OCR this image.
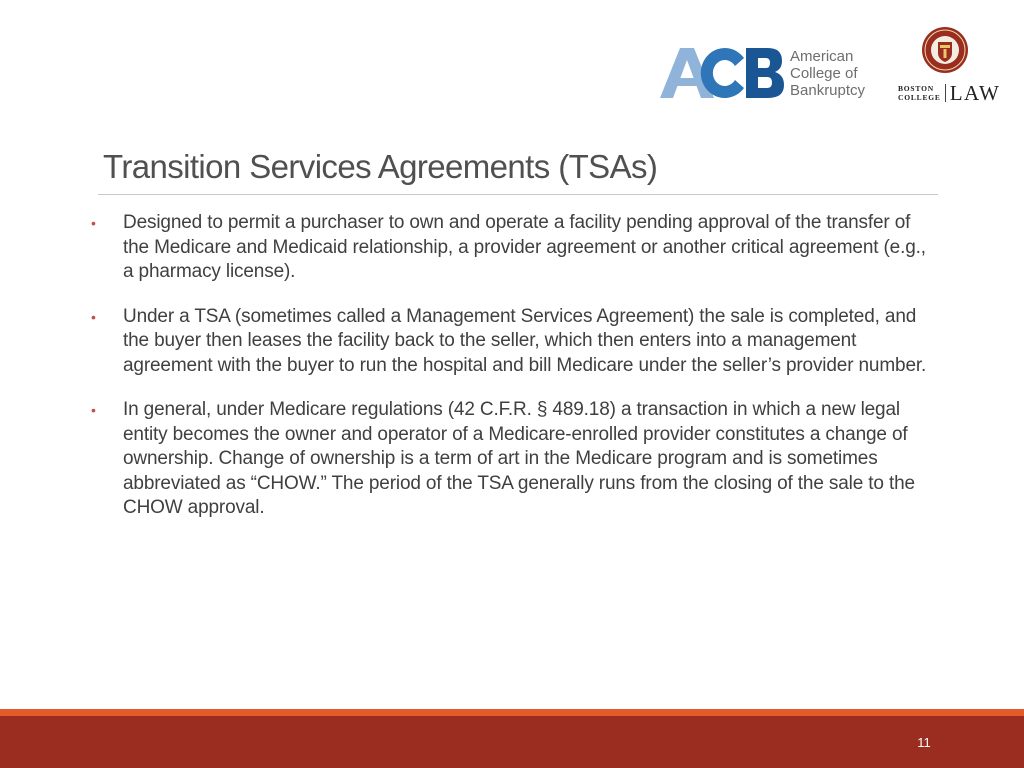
American
College of
Bankruptcy	BOSTON
COLLEGE LAW
Transition Services Agreements (TSAs)
• Designed to permit a purchaser to own and operate a facility pending approval of the transfer of the Medicare and Medicaid relationship, a provider agreement or another critical agreement (e.g., a pharmacy license).
• Under a TSA (sometimes called a Management Services Agreement) the sale is completed, and the buyer then leases the facility back to the seller, which then enters into a management agreement with the buyer to run the hospital and bill Medicare under the seller’s provider number.
• In general, under Medicare regulations (42 C.F.R. § 489.18) a transaction in which a new legal entity becomes the owner and operator of a Medicare-enrolled provider constitutes a change of ownership. Change of ownership is a term of art in the Medicare program and is sometimes abbreviated as “CHOW.” The period of the TSA generally runs from the closing of the sale to the CHOW approval.
11
